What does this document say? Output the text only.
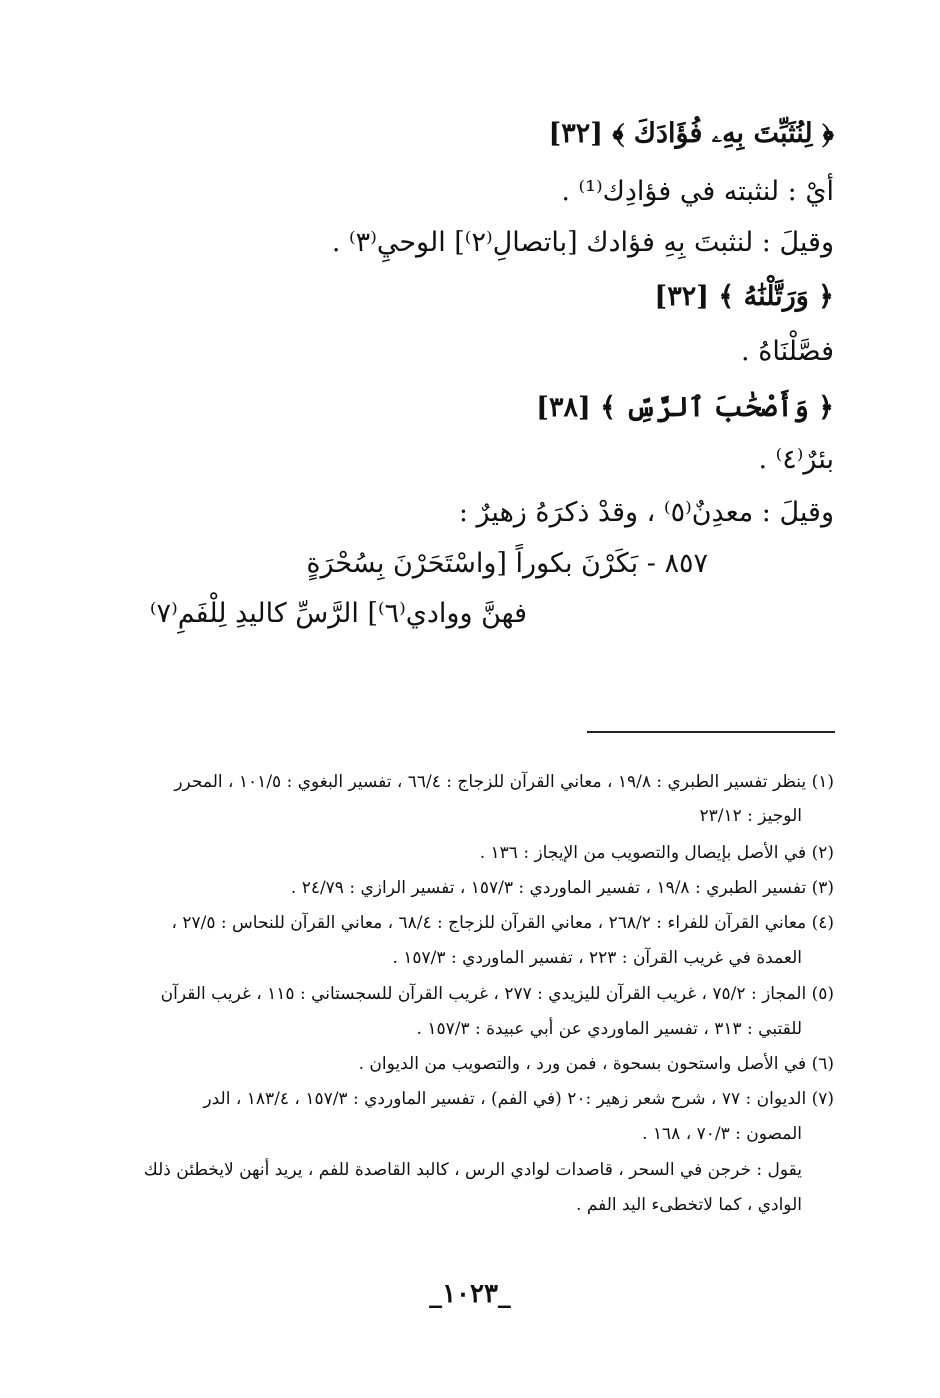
﴿ لِنُثَبِّتَ بِهِۦ فُؤَادَكَ ﴾ [٣٢]
أيْ : لنثبته في فؤادِك⁽¹⁾ .
وقيلَ : لنثبتَ بِهِ فؤادك [باتصالِ⁽٢⁾] الوحيِ⁽٣⁾ .
﴿ وَرَتَّلْنَٰهُ ﴾ [٣٢]
فصَّلْنَاهُ .
﴿ وَأَصْحَٰبَ ٱلرَّسِّ ﴾ [٣٨]
بئرٌ⁽٤⁾ .
وقيلَ : معدِنٌ⁽٥⁾ ، وقدْ ذكرَهُ زهيرٌ :
٨٥٧ - بَكَرْنَ بكوراً [واسْتَحَرْنَ بِسُحْرَةٍ
فهنَّ ووادي⁽٦⁾] الرَّسِّ كاليدِ لِلْفَمِ⁽٧⁾
(١) ينظر تفسير الطبري : ١٩/٨ ، معاني القرآن للزجاج : ٦٦/٤ ، تفسير البغوي : ١٠١/٥ ، المحرر
الوجيز : ٢٣/١٢
(٢) في الأصل بإيصال والتصويب من الإيجاز : ١٣٦ .
(٣) تفسير الطبري : ١٩/٨ ، تفسير الماوردي : ١٥٧/٣ ، تفسير الرازي : ٢٤/٧٩ .
(٤) معاني القرآن للفراء : ٢٦٨/٢ ، معاني القرآن للزجاج : ٦٨/٤ ، معاني القرآن للنحاس : ٢٧/٥ ،
العمدة في غريب القرآن : ٢٢٣ ، تفسير الماوردي : ١٥٧/٣ .
(٥) المجاز : ٧٥/٢ ، غريب القرآن لليزيدي : ٢٧٧ ، غريب القرآن للسجستاني : ١١٥ ، غريب القرآن
للقتبي : ٣١٣ ، تفسير الماوردي عن أبي عبيدة : ١٥٧/٣ .
(٦) في الأصل واستحون بسحوة ، فمن ورد ، والتصويب من الديوان .
(٧) الديوان : ٧٧ ، شرح شعر زهير :٢٠ (في الفم) ، تفسير الماوردي : ١٥٧/٣ ، ١٨٣/٤ ، الدر
المصون : ٧٠/٣ ، ١٦٨ .
يقول : خرجن في السحر ، قاصدات لوادي الرس ، كالبد القاصدة للفم ، يريد أنهن لايخطئن ذلك
الوادي ، كما لاتخطىء اليد الفم .
_١٠٢٣_
